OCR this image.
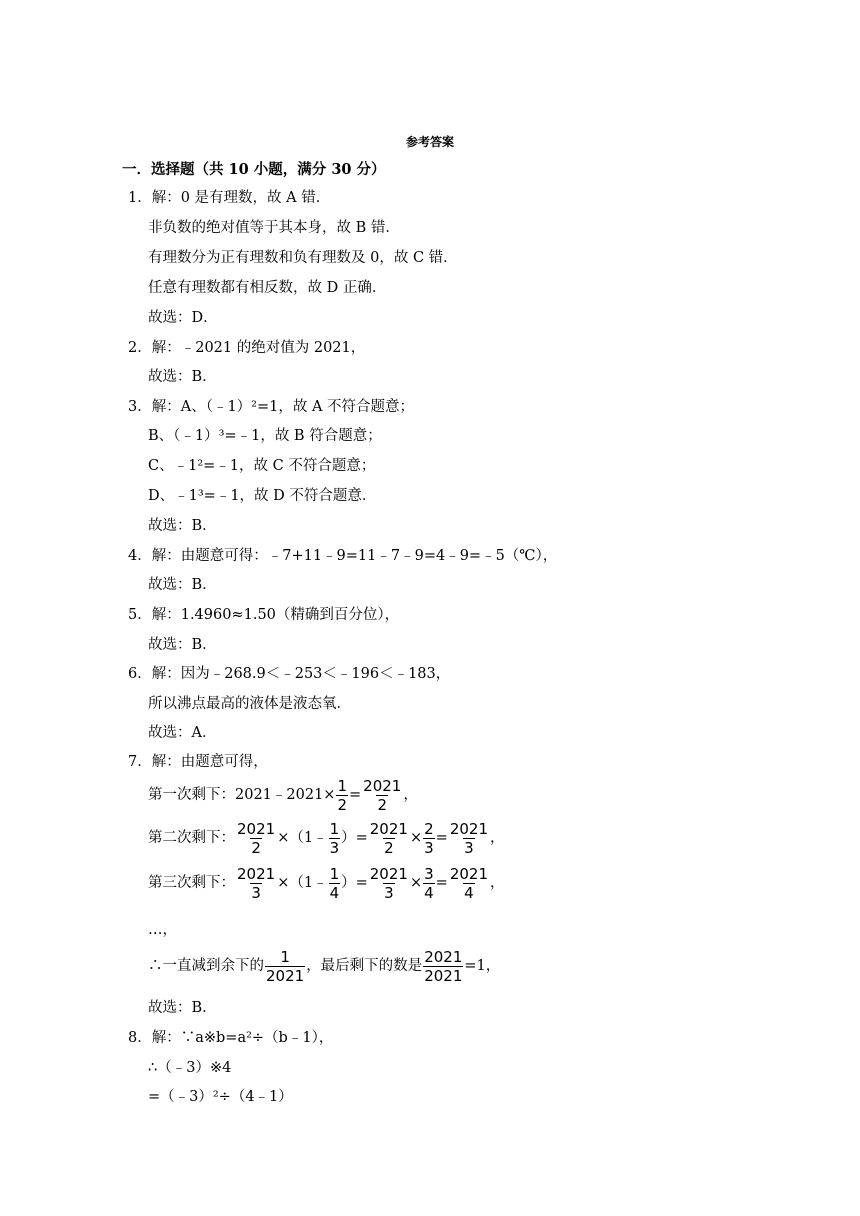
参考答案
一．选择题（共 10 小题，满分 30 分）
1．解：0 是有理数，故 A 错．
非负数的绝对值等于其本身，故 B 错．
有理数分为正有理数和负有理数及 0，故 C 错．
任意有理数都有相反数，故 D 正确．
故选：D．
2．解：﹣2021 的绝对值为 2021，
故选：B．
3．解：A、（﹣1）²=1，故 A 不符合题意；
B、（﹣1）³=﹣1，故 B 符合题意；
C、﹣1²=﹣1，故 C 不符合题意；
D、﹣1³=﹣1，故 D 不符合题意．
故选：B．
4．解：由题意可得：﹣7+11﹣9=11﹣7﹣9=4﹣9=﹣5（℃），
故选：B．
5．解：1.4960≈1.50（精确到百分位），
故选：B．
6．解：因为﹣268.9＜﹣253＜﹣196＜﹣183，
所以沸点最高的液体是液态氧．
故选：A．
7．解：由题意可得，
第一次剩下：2021﹣2021× $\frac{1}{2} = \frac{2021}{2}$ ，
第二次剩下： $\frac{2021}{2}$ ×（1﹣ $\frac{1}{3}$ ）= $\frac{2021}{2} \times \frac{2}{3} = \frac{2021}{3}$ ，
第三次剩下： $\frac{2021}{3}$ ×（1﹣ $\frac{1}{4}$ ）= $\frac{2021}{3} \times \frac{3}{4} = \frac{2021}{4}$ ，
…，
∴一直减到余下的 $\frac{1}{2021}$ ，最后剩下的数是 $\frac{2021}{2021} =1$，
故选：B．
8．解：∵a※b=a²÷（b﹣1），
∴（﹣3）※4
=（﹣3）²÷（4﹣1）
